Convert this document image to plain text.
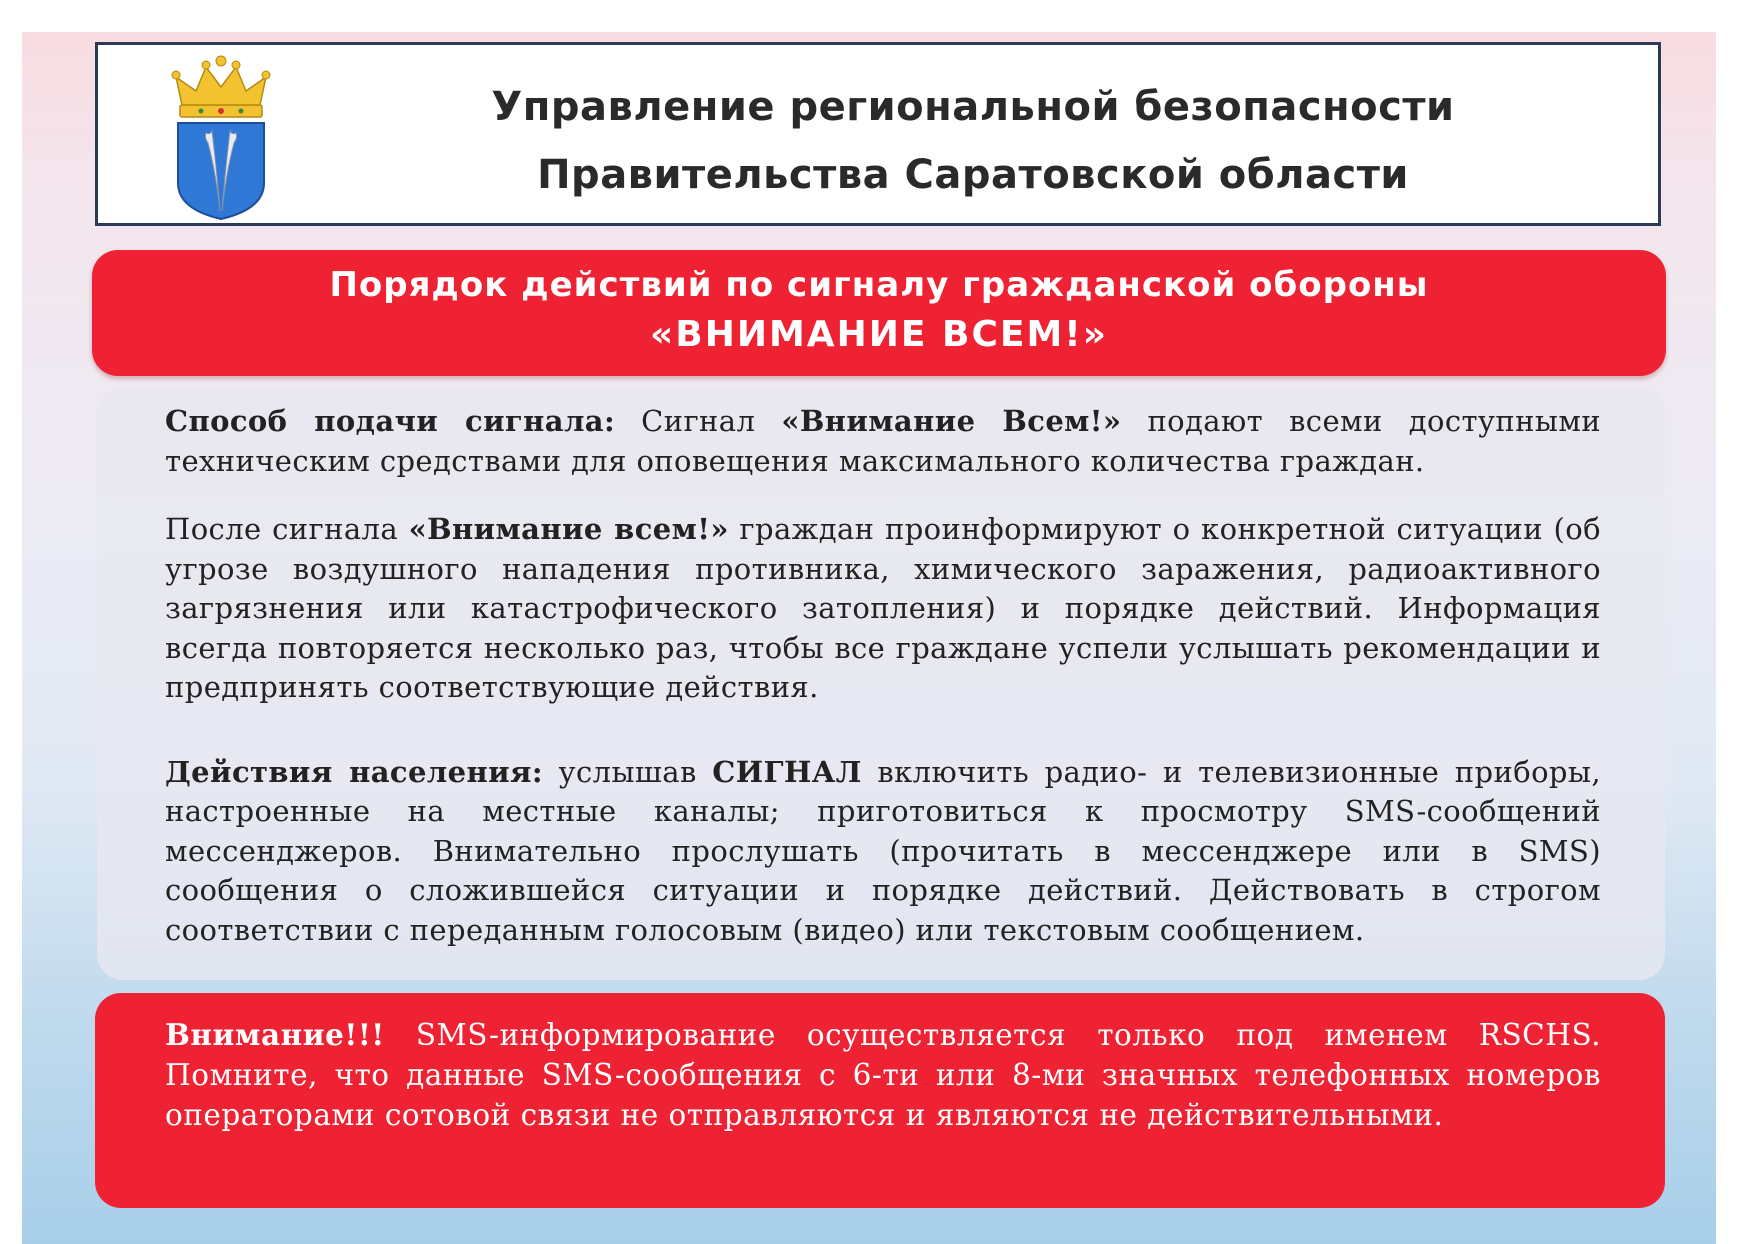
Управление региональной безопасности
Правительства Саратовской области
Порядок действий по сигналу гражданской обороны
«ВНИМАНИЕ ВСЕМ!»

Способ подачи сигнала: Сигнал «Внимание Всем!» подают всеми доступными техническим средствами для оповещения максимального количества граждан.

После сигнала «Внимание всем!» граждан проинформируют о конкретной ситуации (об угрозе воздушного нападения противника, химического заражения, радиоактивного загрязнения или катастрофического затопления) и порядке действий. Информация всегда повторяется несколько раз, чтобы все граждане успели услышать рекомендации и предпринять соответствующие действия.

Действия населения: услышав СИГНАЛ включить радио- и телевизионные приборы, настроенные на местные каналы; приготовиться к просмотру SMS-сообщений мессенджеров. Внимательно прослушать (прочитать в мессенджере или в SMS) сообщения о сложившейся ситуации и порядке действий. Действовать в строгом соответствии с переданным голосовым (видео) или текстовым сообщением.

Внимание!!! SMS-информирование осуществляется только под именем RSCHS. Помните, что данные SMS-сообщения с 6-ти или 8-ми значных телефонных номеров операторами сотовой связи не отправляются и являются не действительными.
